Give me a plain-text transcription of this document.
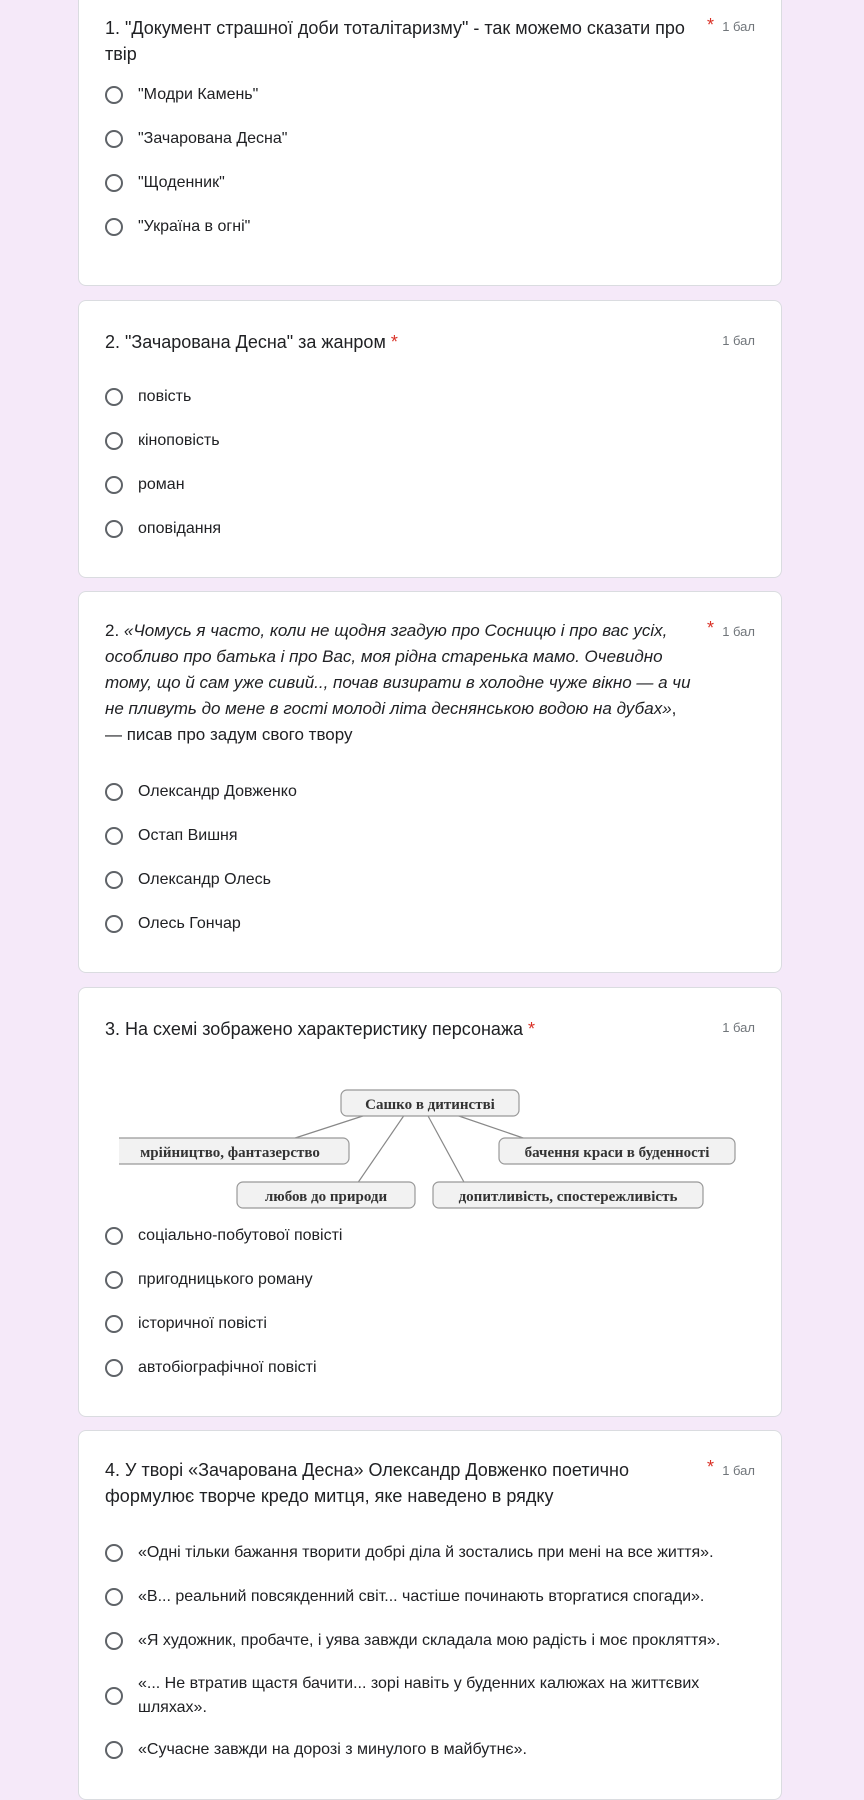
1. "Документ страшної доби тоталітаризму" - так можемо сказати про твір
* 1 бал
"Модри Камень"
"Зачарована Десна"
"Щоденник"
"Україна в огні"
2. "Зачарована Десна" за жанром *	1 бал
повість
кіноповість
роман
оповідання
2. «Чомусь я часто, коли не щодня згадую про Сосницю і про вас усіх, особливо про батька і про Вас, моя рідна старенька мамо. Очевидно тому, що й сам уже сивий.., почав визирати в холодне чуже вікно — а чи не пливуть до мене в гості молоді літа деснянською водою на дубах», — писав про задум свого твору
* 1 бал
Олександр Довженко
Остап Вишня
Олександр Олесь
Олесь Гончар
3. На схемі зображено характеристику персонажа *	1 бал
Сашко в дитинстві
мрійництво, фантазерство	бачення краси в буденності
любов до природи	допитливість, спостережливість
соціально-побутової повісті
пригодницького роману
історичної повісті
автобіографічної повісті
4. У творі «Зачарована Десна» Олександр Довженко поетично формулює творче кредо митця, яке наведено в рядку
* 1 бал
«Одні тільки бажання творити добрі діла й зостались при мені на все життя».
«В... реальний повсякденний світ... частіше починають вторгатися спогади».
«Я художник, пробачте, і уява завжди складала мою радість і моє прокляття».
«... Не втратив щастя бачити... зорі навіть у буденних калюжах на життєвих шляхах».
«Сучасне завжди на дорозі з минулого в майбутнє».
